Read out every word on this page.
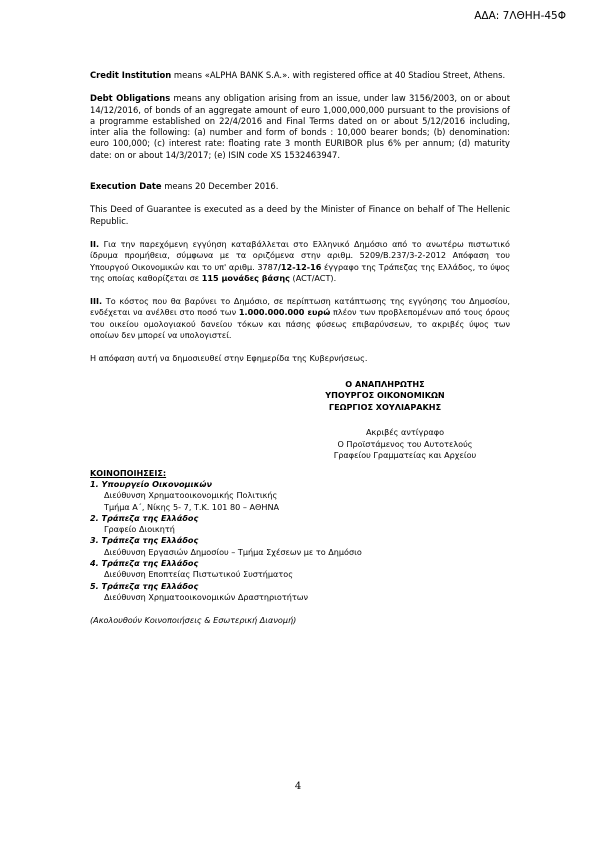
ΑΔΑ: 7ΛΘΗΗ-45Φ

Credit Institution means «ALPHA BANK S.A.». with registered office at 40 Stadiou Street, Athens.

Debt Obligations means any obligation arising from an issue, under law 3156/2003, on or about 14/12/2016, of bonds of an aggregate amount of euro 1,000,000,000 pursuant to the provisions of a programme established on 22/4/2016 and Final Terms dated on or about 5/12/2016 including, inter alia the following: (a) number and form of bonds : 10,000 bearer bonds; (b) denomination: euro 100,000; (c) interest rate: floating rate 3 month EURIBOR plus 6% per annum; (d) maturity date: on or about 14/3/2017; (e) ISIN code XS 1532463947.

Execution Date means 20 December 2016.

This Deed of Guarantee is executed as a deed by the Minister of Finance on behalf of The Hellenic Republic.

II. Για την παρεχόμενη εγγύηση καταβάλλεται στο Ελληνικό Δημόσιο από το ανωτέρω πιστωτικό ίδρυμα προμήθεια, σύμφωνα με τα οριζόμενα στην αριθμ. 5209/Β.237/3-2-2012 Απόφαση του Υπουργού Οικονομικών και το υπ' αριθμ. 3787/12-12-16 έγγραφο της Τράπεζας της Ελλάδος, το ύψος της οποίας καθορίζεται σε 115 μονάδες βάσης (ACT/ACT).

III. Το κόστος που θα βαρύνει το Δημόσιο, σε περίπτωση κατάπτωσης της εγγύησης του Δημοσίου, ενδέχεται να ανέλθει στο ποσό των 1.000.000.000 ευρώ πλέον των προβλεπομένων από τους όρους του οικείου ομολογιακού δανείου τόκων και πάσης φύσεως επιβαρύνσεων, το ακριβές ύψος των οποίων δεν μπορεί να υπολογιστεί.

Η απόφαση αυτή να δημοσιευθεί στην Εφημερίδα της Κυβερνήσεως.

Ο ΑΝΑΠΛΗΡΩΤΗΣ
ΥΠΟΥΡΓΟΣ ΟΙΚΟΝΟΜΙΚΩΝ
ΓΕΩΡΓΙΟΣ ΧΟΥΛΙΑΡΑΚΗΣ
Ακριβές αντίγραφο
Ο Προϊστάμενος του Αυτοτελούς
Γραφείου Γραμματείας και Αρχείου
ΚΟΙΝΟΠΟΙΗΣΕΙΣ:
1. Υπουργείο Οικονομικών
Διεύθυνση Χρηματοοικονομικής Πολιτικής
Τμήμα Α΄, Νίκης 5- 7, Τ.Κ. 101 80 – ΑΘΗΝΑ
2. Τράπεζα της Ελλάδος
Γραφείο Διοικητή
3. Τράπεζα της Ελλάδος
Διεύθυνση Εργασιών Δημοσίου – Τμήμα Σχέσεων με το Δημόσιο
4. Τράπεζα της Ελλάδος
Διεύθυνση Εποπτείας Πιστωτικού Συστήματος
5. Τράπεζα της Ελλάδος
Διεύθυνση Χρηματοοικονομικών Δραστηριοτήτων
(Ακολουθούν Κοινοποιήσεις & Εσωτερική Διανομή)
4
